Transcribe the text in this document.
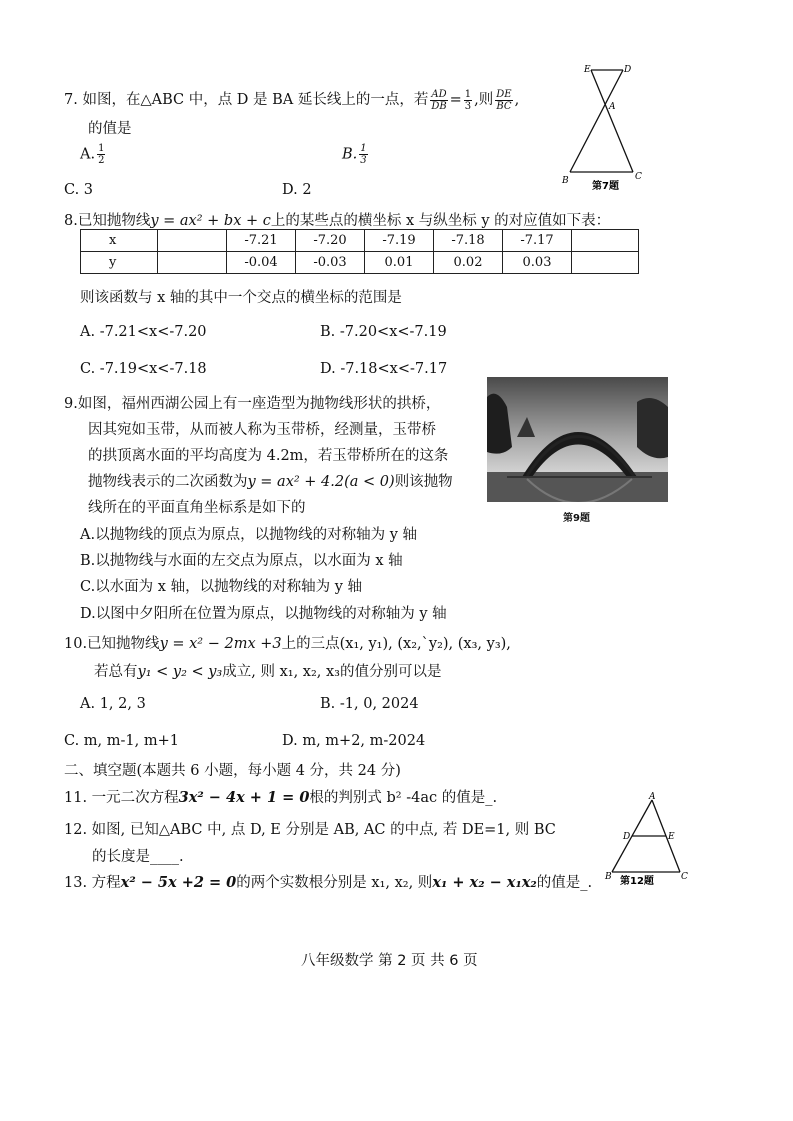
7. 如图，在△ABC 中，点 D 是 BA 延长线上的一点，若 $\frac{AD}{DB} = \frac{1}{3}$ ,则 $\frac{DE}{BC}$ ,
的值是
A. $\frac{1}{2}$	B. $\frac{1}{3}$
C. 3	D. 2
E	D
A
B	C
第7题
8.已知抛物线y = ax² + bx + c上的某些点的横坐标 x 与纵坐标 y 的对应值如下表：
x		-7.21	-7.20	-7.19	-7.18	-7.17	
y		-0.04	-0.03	0.01	0.02	0.03	
则该函数与 x 轴的其中一个交点的横坐标的范围是
A. -7.21<x<-7.20	B. -7.20<x<-7.19
C. -7.19<x<-7.18	D. -7.18<x<-7.17
9.如图，福州西湖公园上有一座造型为抛物线形状的拱桥，
因其宛如玉带，从而被人称为玉带桥，经测量，玉带桥
的拱顶离水面的平均高度为 4.2m，若玉带桥所在的这条
抛物线表示的二次函数为y = ax² + 4.2(a < 0)则该抛物
线所在的平面直角坐标系是如下的
A.以抛物线的顶点为原点，以抛物线的对称轴为 y 轴
B.以抛物线与水面的左交点为原点，以水面为 x 轴
C.以水面为 x 轴，以抛物线的对称轴为 y 轴
D.以图中夕阳所在位置为原点，以抛物线的对称轴为 y 轴
第9题
10.已知抛物线y = x² − 2mx +3上的三点(x₁, y₁), (x₂,`y₂), (x₃, y₃),
若总有y₁ < y₂ < y₃成立, 则 x₁, x₂, x₃的值分别可以是
A. 1, 2, 3	B. -1, 0, 2024
C. m, m-1, m+1	D. m, m+2, m-2024
二、填空题(本题共 6 小题，每小题 4 分，共 24 分)
11. 一元二次方程3x² − 4x + 1 = 0根的判别式 b² -4ac 的值是_.
12. 如图, 已知△ABC 中, 点 D, E 分别是 AB, AC 的中点, 若 DE=1, 则 BC
的长度是____.
A
D	E
B	C
第12题
13. 方程x² − 5x +2 = 0的两个实数根分别是 x₁, x₂, 则x₁ + x₂ − x₁x₂的值是_.
八年级数学 第 2 页 共 6 页
